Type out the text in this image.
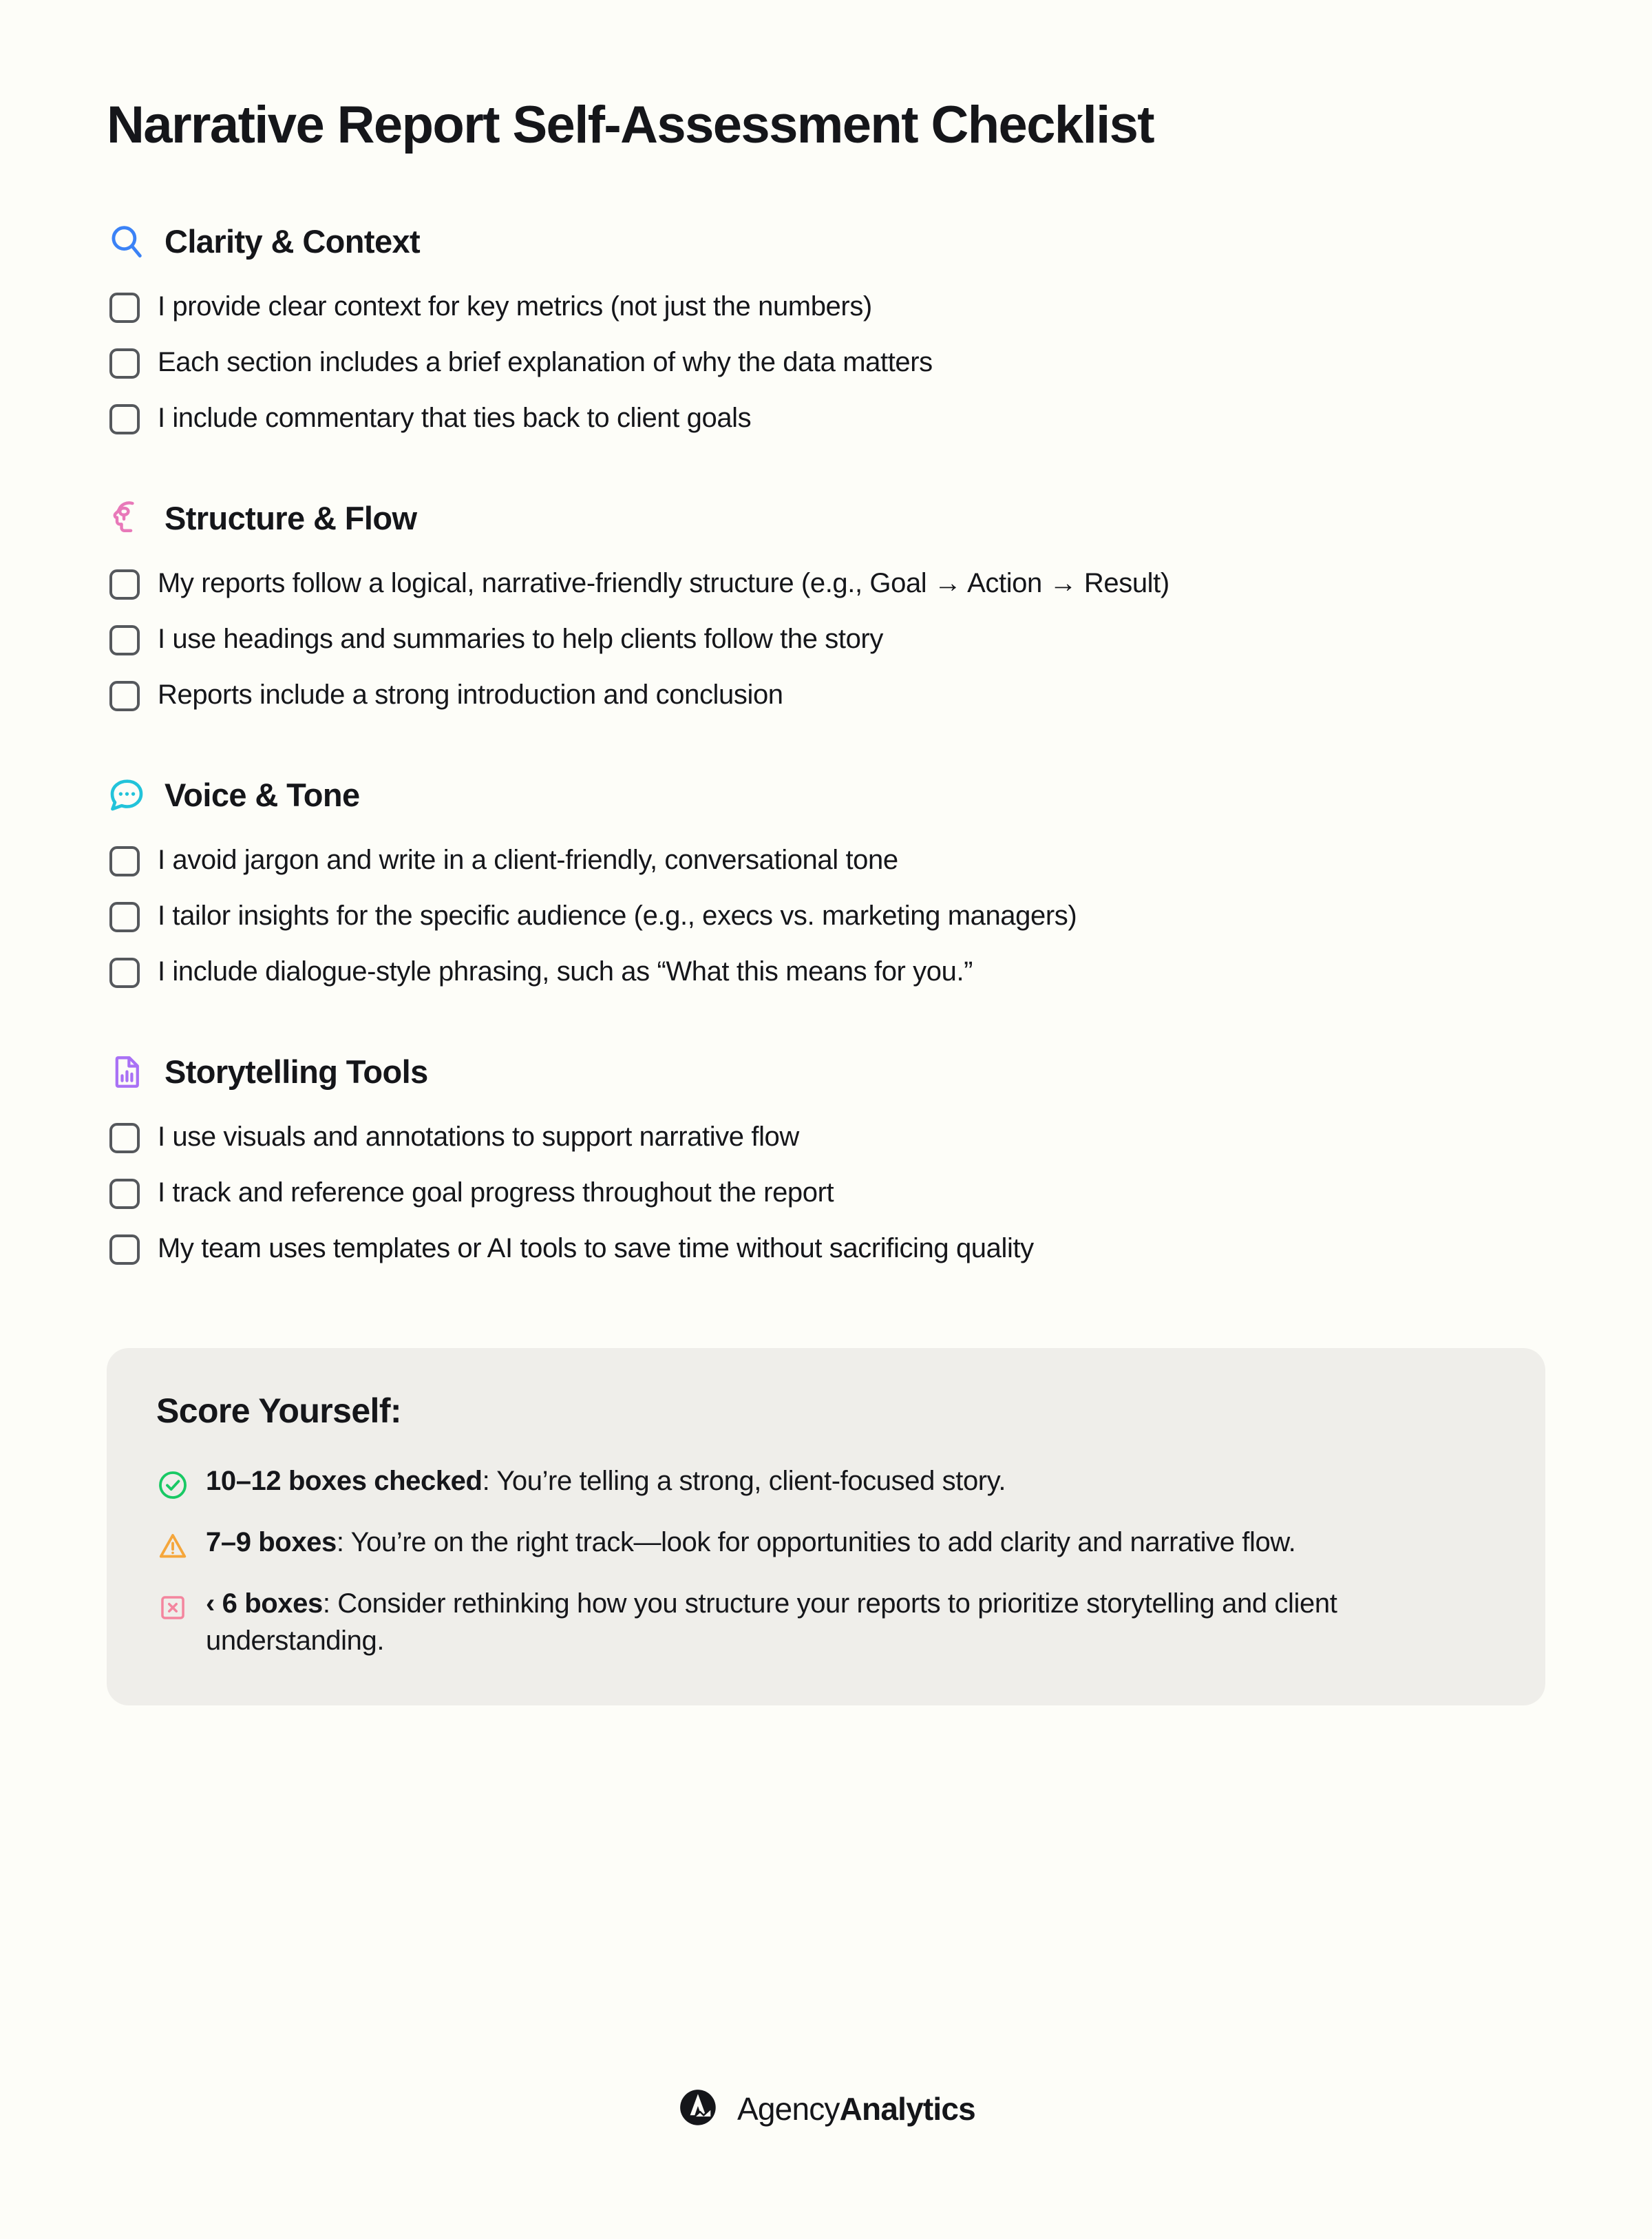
Narrative Report Self-Assessment Checklist
Clarity & Context
I provide clear context for key metrics (not just the numbers)
Each section includes a brief explanation of why the data matters
I include commentary that ties back to client goals
Structure & Flow
My reports follow a logical, narrative-friendly structure (e.g., Goal → Action → Result)
I use headings and summaries to help clients follow the story
Reports include a strong introduction and conclusion
Voice & Tone
I avoid jargon and write in a client-friendly, conversational tone
I tailor insights for the specific audience (e.g., execs vs. marketing managers)
I include dialogue-style phrasing, such as “What this means for you.”
Storytelling Tools
I use visuals and annotations to support narrative flow
I track and reference goal progress throughout the report
My team uses templates or AI tools to save time without sacrificing quality
Score Yourself:
10–12 boxes checked: You’re telling a strong, client-focused story.
7–9 boxes: You’re on the right track—look for opportunities to add clarity and narrative flow.
‹ 6 boxes: Consider rethinking how you structure your reports to prioritize storytelling and client understanding.
AgencyAnalytics
